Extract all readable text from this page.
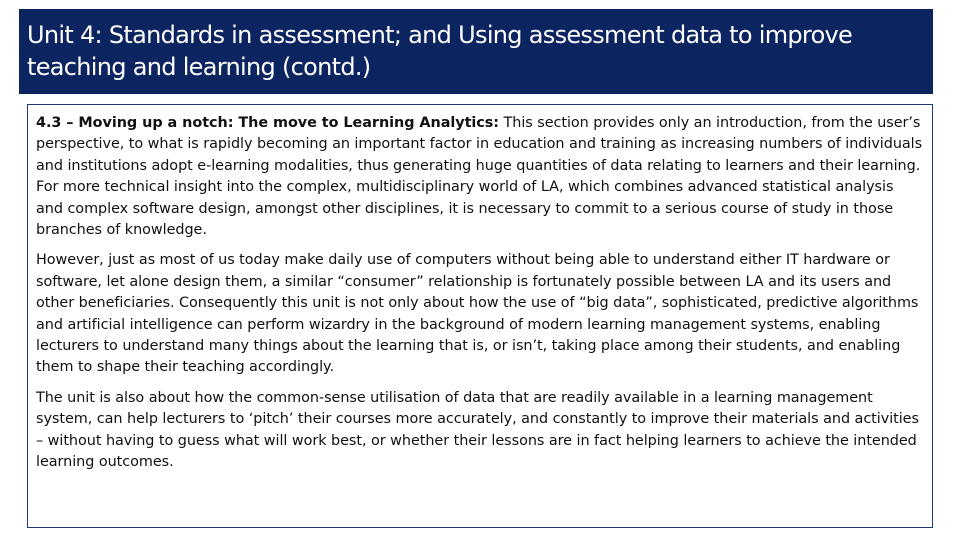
Unit 4: Standards in assessment; and Using assessment data to improve teaching and learning (contd.)

4.3 – Moving up a notch: The move to Learning Analytics: This section provides only an introduction, from the user’s perspective, to what is rapidly becoming an important factor in education and training as increasing numbers of individuals and institutions adopt e-learning modalities, thus generating huge quantities of data relating to learners and their learning. For more technical insight into the complex, multidisciplinary world of LA, which combines advanced statistical analysis and complex software design, amongst other disciplines, it is necessary to commit to a serious course of study in those branches of knowledge.

However, just as most of us today make daily use of computers without being able to understand either IT hardware or software, let alone design them, a similar “consumer” relationship is fortunately possible between LA and its users and other beneficiaries. Consequently this unit is not only about how the use of “big data”, sophisticated, predictive algorithms and artificial intelligence can perform wizardry in the background of modern learning management systems, enabling lecturers to understand many things about the learning that is, or isn’t, taking place among their students, and enabling them to shape their teaching accordingly.

The unit is also about how the common-sense utilisation of data that are readily available in a learning management system, can help lecturers to ‘pitch’ their courses more accurately, and constantly to improve their materials and activities – without having to guess what will work best, or whether their lessons are in fact helping learners to achieve the intended learning outcomes.
